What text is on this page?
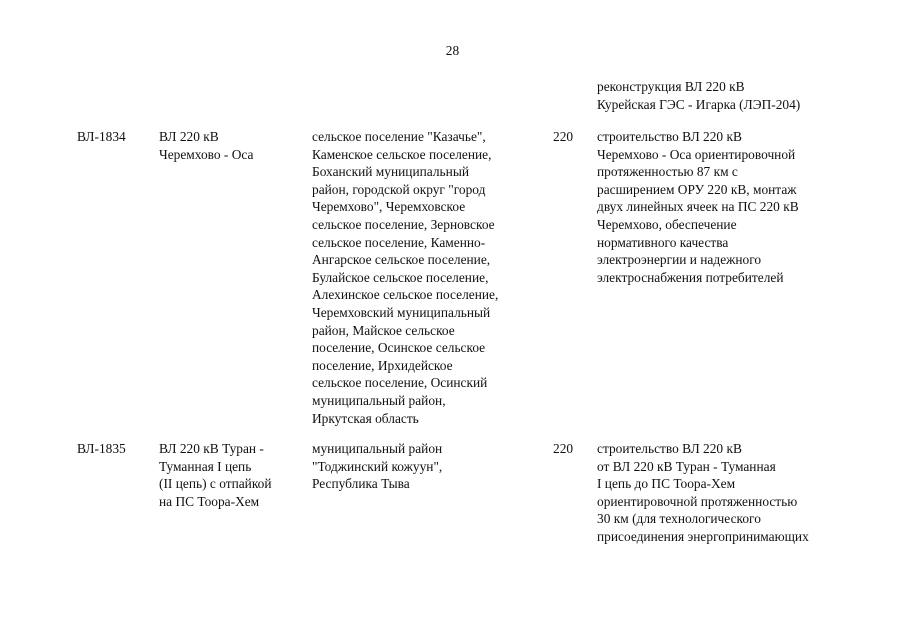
28
реконструкция ВЛ 220 кВ
Курейская ГЭС - Игарка (ЛЭП-204)
ВЛ-1834 ВЛ 220 кВ
Черемхово - Оса
сельское поселение "Казачье",
Каменское сельское поселение,
Боханский муниципальный
район, городской округ "город
Черемхово", Черемховское
сельское поселение, Зерновское
сельское поселение, Каменно-
Ангарское сельское поселение,
Булайское сельское поселение,
Алехинское сельское поселение,
Черемховский муниципальный
район, Майское сельское
поселение, Осинское сельское
поселение, Ирхидейское
сельское поселение, Осинский
муниципальный район,
Иркутская область
220 строительство ВЛ 220 кВ
Черемхово - Оса ориентировочной
протяженностью 87 км с
расширением ОРУ 220 кВ, монтаж
двух линейных ячеек на ПС 220 кВ
Черемхово, обеспечение
нормативного качества
электроэнергии и надежного
электроснабжения потребителей
ВЛ-1835 ВЛ 220 кВ Туран -
Туманная I цепь
(II цепь) с отпайкой
на ПС Тоора-Хем
муниципальный район
"Тоджинский кожуун",
Республика Тыва
220 строительство ВЛ 220 кВ
от ВЛ 220 кВ Туран - Туманная
I цепь до ПС Тоора-Хем
ориентировочной протяженностью
30 км (для технологического
присоединения энергопринимающих
